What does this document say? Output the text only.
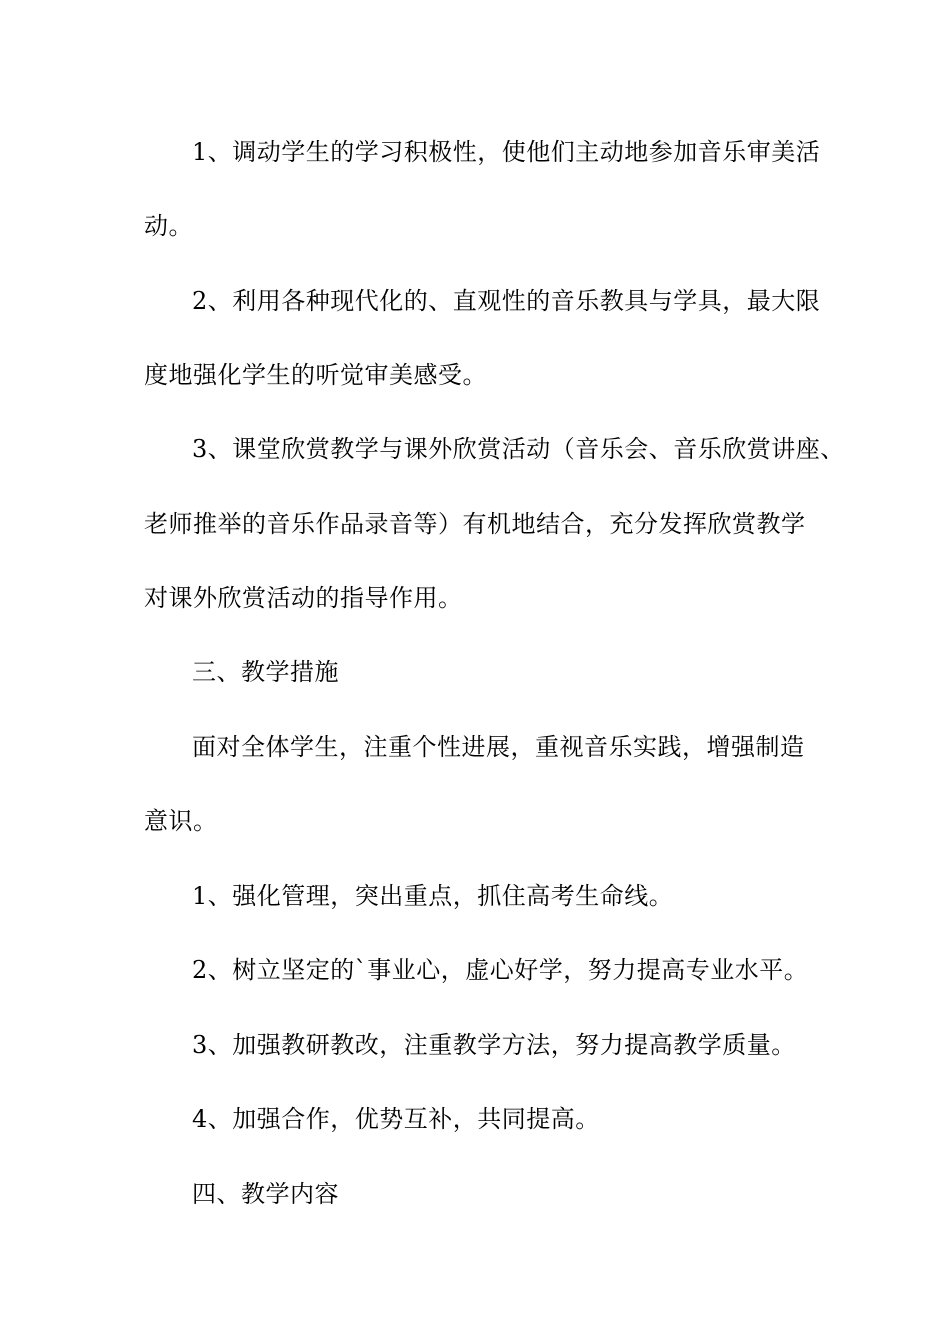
1、调动学生的学习积极性，使他们主动地参加音乐审美活
动。
2、利用各种现代化的、直观性的音乐教具与学具，最大限
度地强化学生的听觉审美感受。
3、课堂欣赏教学与课外欣赏活动（音乐会、音乐欣赏讲座、
老师推举的音乐作品录音等）有机地结合，充分发挥欣赏教学
对课外欣赏活动的指导作用。
三、教学措施
面对全体学生，注重个性进展，重视音乐实践，增强制造
意识。
1、强化管理，突出重点，抓住高考生命线。
2、树立坚定的`事业心，虚心好学，努力提高专业水平。
3、加强教研教改，注重教学方法，努力提高教学质量。
4、加强合作，优势互补，共同提高。
四、教学内容
